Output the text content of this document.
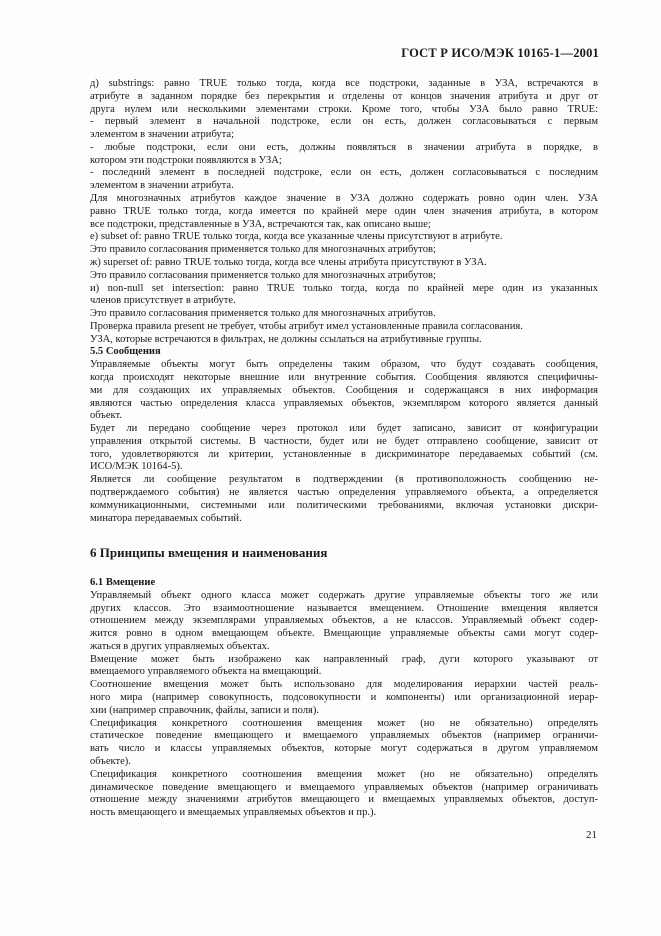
ГОСТ Р ИСО/МЭК 10165-1—2001
д) substrings: равно TRUE только тогда, когда все подстроки, заданные в УЗА, встречаются в
атрибуте в заданном порядке без перекрытия и отделены от концов значения атрибута и друг от
друга нулем или несколькими элементами строки. Кроме того, чтобы УЗА было равно TRUE:
- первый элемент в начальной подстроке, если он есть, должен согласовываться с первым
элементом в значении атрибута;
- любые подстроки, если они есть, должны появляться в значении атрибута в порядке, в
котором эти подстроки появляются в УЗА;
- последний элемент в последней подстроке, если он есть, должен согласовываться с последним
элементом в значении атрибута.
Для многозначных атрибутов каждое значение в УЗА должно содержать ровно один член. УЗА
равно TRUE только тогда, когда имеется по крайней мере один член значения атрибута, в котором
все подстроки, представленные в УЗА, встречаются так, как описано выше;
е) subset of: равно TRUE только тогда, когда все указанные члены присутствуют в атрибуте.
Это правило согласования применяется только для многозначных атрибутов;
ж) superset of: равно TRUE только тогда, когда все члены атрибута присутствуют в УЗА.
Это правило согласования применяется только для многозначных атрибутов;
и) non-null set intersection: равно TRUE только тогда, когда по крайней мере один из указанных
членов присутствует в атрибуте.
Это правило согласования применяется только для многозначных атрибутов.
Проверка правила present не требует, чтобы атрибут имел установленные правила согласования.
УЗА, которые встречаются в фильтрах, не должны ссылаться на атрибутивные группы.
5.5 Сообщения
Управляемые объекты могут быть определены таким образом, что будут создавать сообщения,
когда происходят некоторые внешние или внутренние события. Сообщения являются специфичны-
ми для создающих их управляемых объектов. Сообщения и содержащаяся в них информация
являются частью определения класса управляемых объектов, экземпляром которого является данный
объект.
Будет ли передано сообщение через протокол или будет записано, зависит от конфигурации
управления открытой системы. В частности, будет или не будет отправлено сообщение, зависит от
того, удовлетворяются ли критерии, установленные в дискриминаторе передаваемых событий (см.
ИСО/МЭК 10164-5).
Является ли сообщение результатом в подтверждении (в противоположность сообщению не-
подтверждаемого события) не является частью определения управляемого объекта, а определяется
коммуникационными, системными или политическими требованиями, включая установки дискри-
минатора передаваемых событий.
6 Принципы вмещения и наименования
6.1 Вмещение
Управляемый объект одного класса может содержать другие управляемые объекты того же или
других классов. Это взаимоотношение называется вмещением. Отношение вмещения является
отношением между экземплярами управляемых объектов, а не классов. Управляемый объект содер-
жится ровно в одном вмещающем объекте. Вмещающие управляемые объекты сами могут содер-
жаться в других управляемых объектах.
Вмещение может быть изображено как направленный граф, дуги которого указывают от
вмещаемого управляемого объекта на вмещающий.
Соотношение вмещения может быть использовано для моделирования иерархии частей реаль-
ного мира (например совокупность, подсовокупности и компоненты) или организационной иерар-
хии (например справочник, файлы, записи и поля).
Спецификация конкретного соотношения вмещения может (но не обязательно) определять
статическое поведение вмещающего и вмещаемого управляемых объектов (например ограничи-
вать число и классы управляемых объектов, которые могут содержаться в другом управляемом
объекте).
Спецификация конкретного соотношения вмещения может (но не обязательно) определять
динамическое поведение вмещающего и вмещаемого управляемых объектов (например ограничивать
отношение между значениями атрибутов вмещающего и вмещаемых управляемых объектов, доступ-
ность вмещающего и вмещаемых управляемых объектов и пр.).
21
